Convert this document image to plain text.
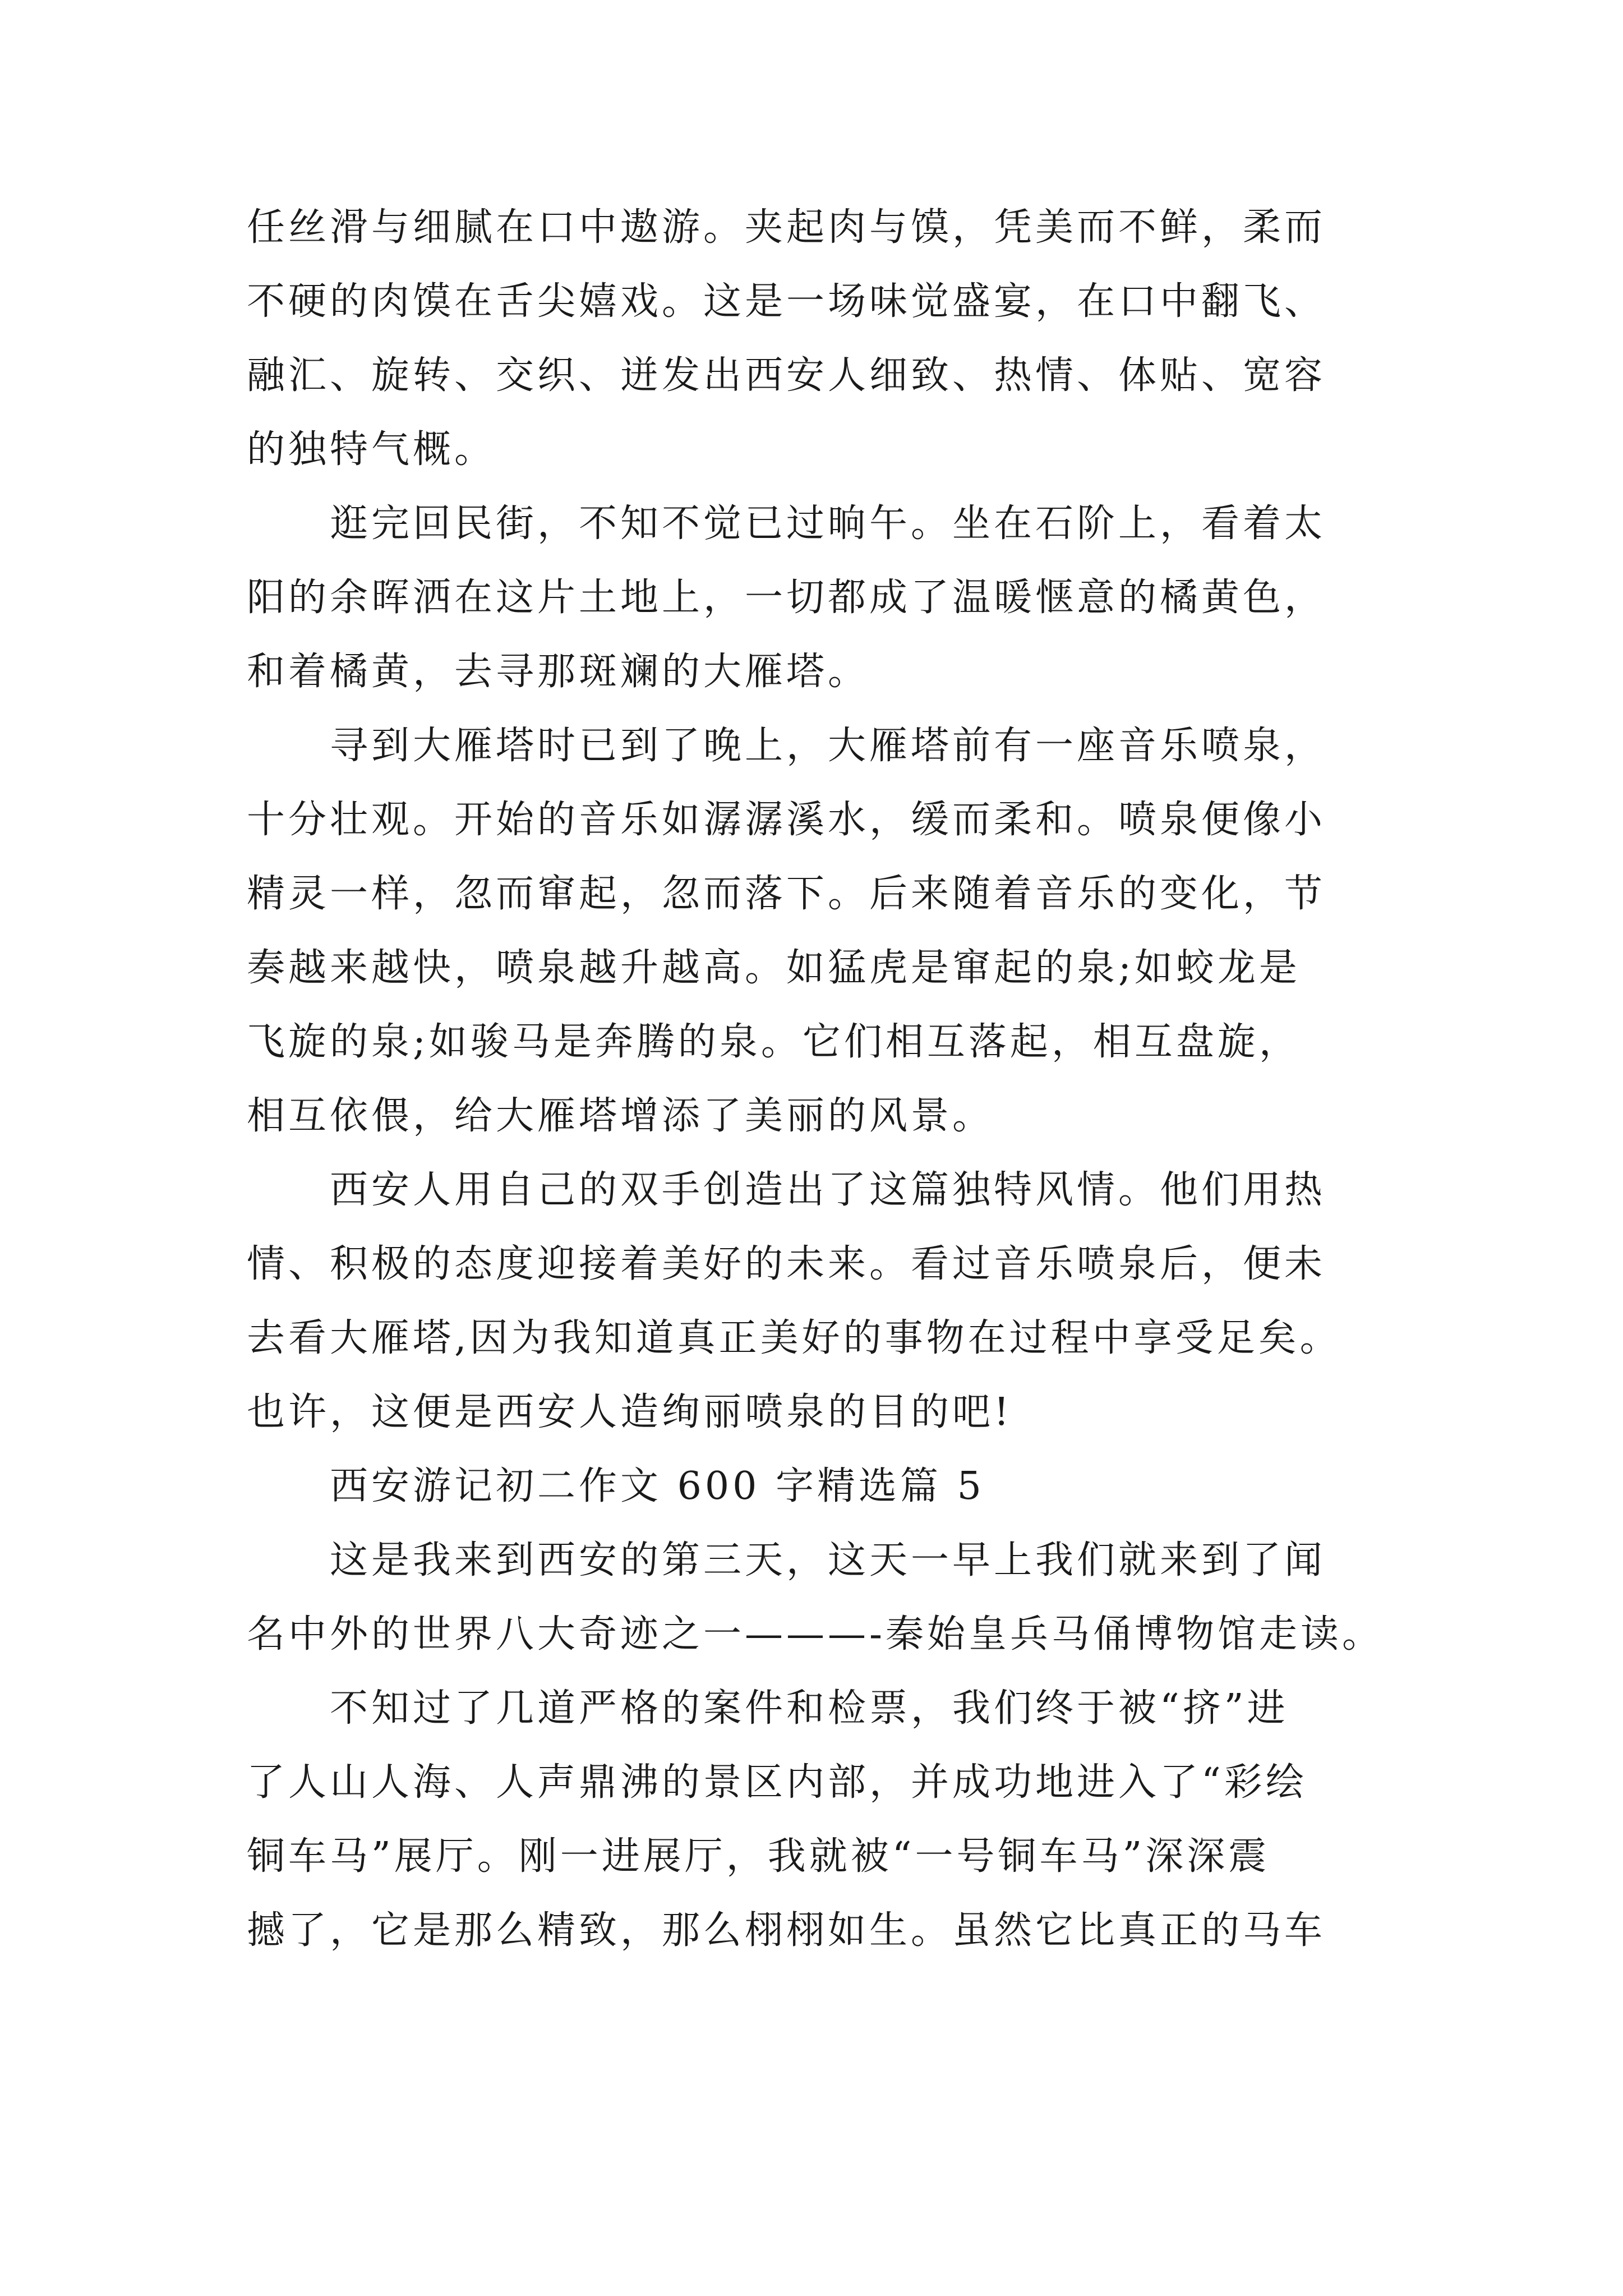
任丝滑与细腻在口中遨游。夹起肉与馍，凭美而不鲜，柔而
不硬的肉馍在舌尖嬉戏。这是一场味觉盛宴，在口中翻飞、
融汇、旋转、交织、迸发出西安人细致、热情、体贴、宽容
的独特气概。
　　逛完回民街，不知不觉已过晌午。坐在石阶上，看着太
阳的余晖洒在这片土地上，一切都成了温暖惬意的橘黄色，
和着橘黄，去寻那斑斓的大雁塔。
　　寻到大雁塔时已到了晚上，大雁塔前有一座音乐喷泉，
十分壮观。开始的音乐如潺潺溪水，缓而柔和。喷泉便像小
精灵一样，忽而窜起，忽而落下。后来随着音乐的变化，节
奏越来越快，喷泉越升越高。如猛虎是窜起的泉;如蛟龙是
飞旋的泉;如骏马是奔腾的泉。它们相互落起，相互盘旋，
相互依偎，给大雁塔增添了美丽的风景。
　　西安人用自己的双手创造出了这篇独特风情。他们用热
情、积极的态度迎接着美好的未来。看过音乐喷泉后，便未
去看大雁塔,因为我知道真正美好的事物在过程中享受足矣。
也许，这便是西安人造绚丽喷泉的目的吧!
　　西安游记初二作文 600 字精选篇 5
　　这是我来到西安的第三天，这天一早上我们就来到了闻
名中外的世界八大奇迹之一———-秦始皇兵马俑博物馆走读。
　　不知过了几道严格的案件和检票，我们终于被“挤”进
了人山人海、人声鼎沸的景区内部，并成功地进入了“彩绘
铜车马”展厅。刚一进展厅，我就被“一号铜车马”深深震
撼了，它是那么精致，那么栩栩如生。虽然它比真正的马车
